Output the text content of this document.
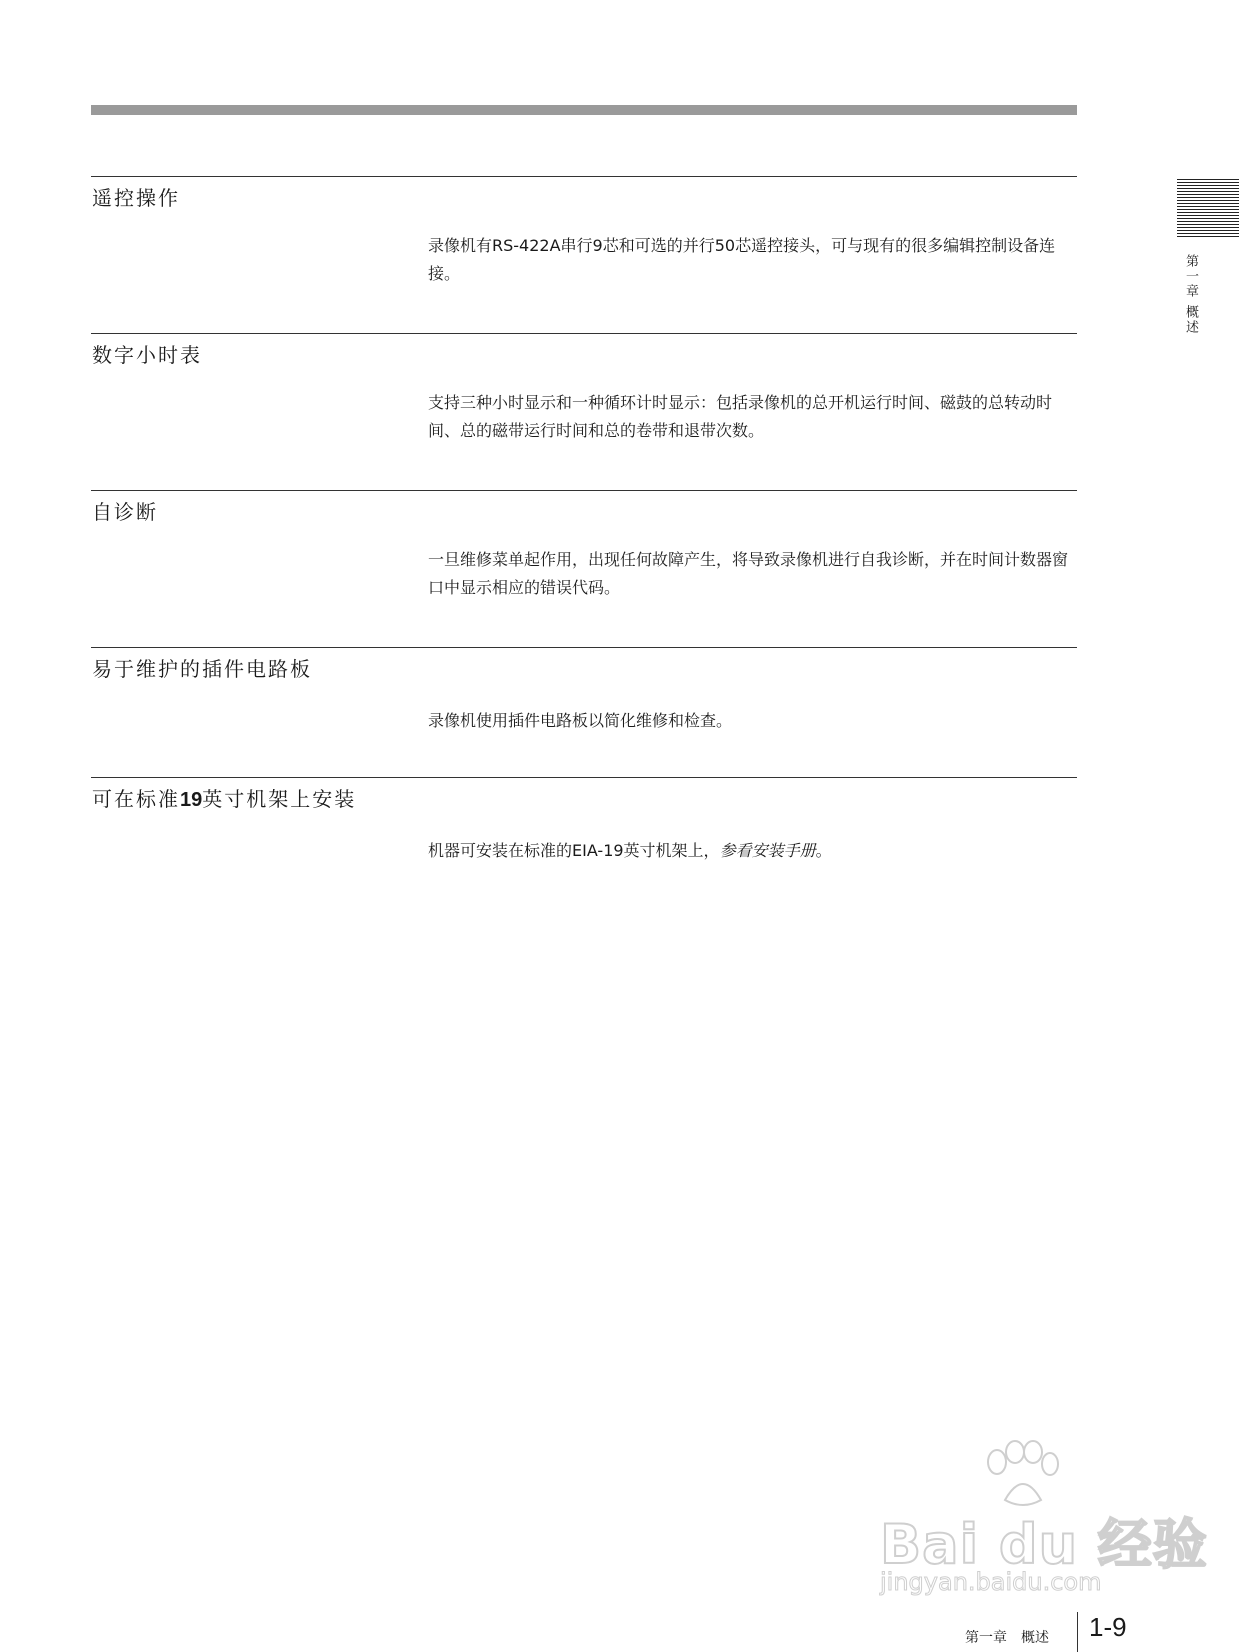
遥控操作

录像机有RS-422A串行9芯和可选的并行50芯遥控接头，可与现有的很多编辑控制设备连接。

数字小时表

支持三种小时显示和一种循环计时显示：包括录像机的总开机运行时间、磁鼓的总转动时间、总的磁带运行时间和总的卷带和退带次数。

自诊断

一旦维修菜单起作用，出现任何故障产生，将导致录像机进行自我诊断，并在时间计数器窗口中显示相应的错误代码。

易于维护的插件电路板

录像机使用插件电路板以简化维修和检查。

可在标准19英寸机架上安装

机器可安装在标准的EIA-19英寸机架上，参看安装手册。

第一章 概述
Bai du 经验
jingyan.baidu.com
第一章　概述 1-9
